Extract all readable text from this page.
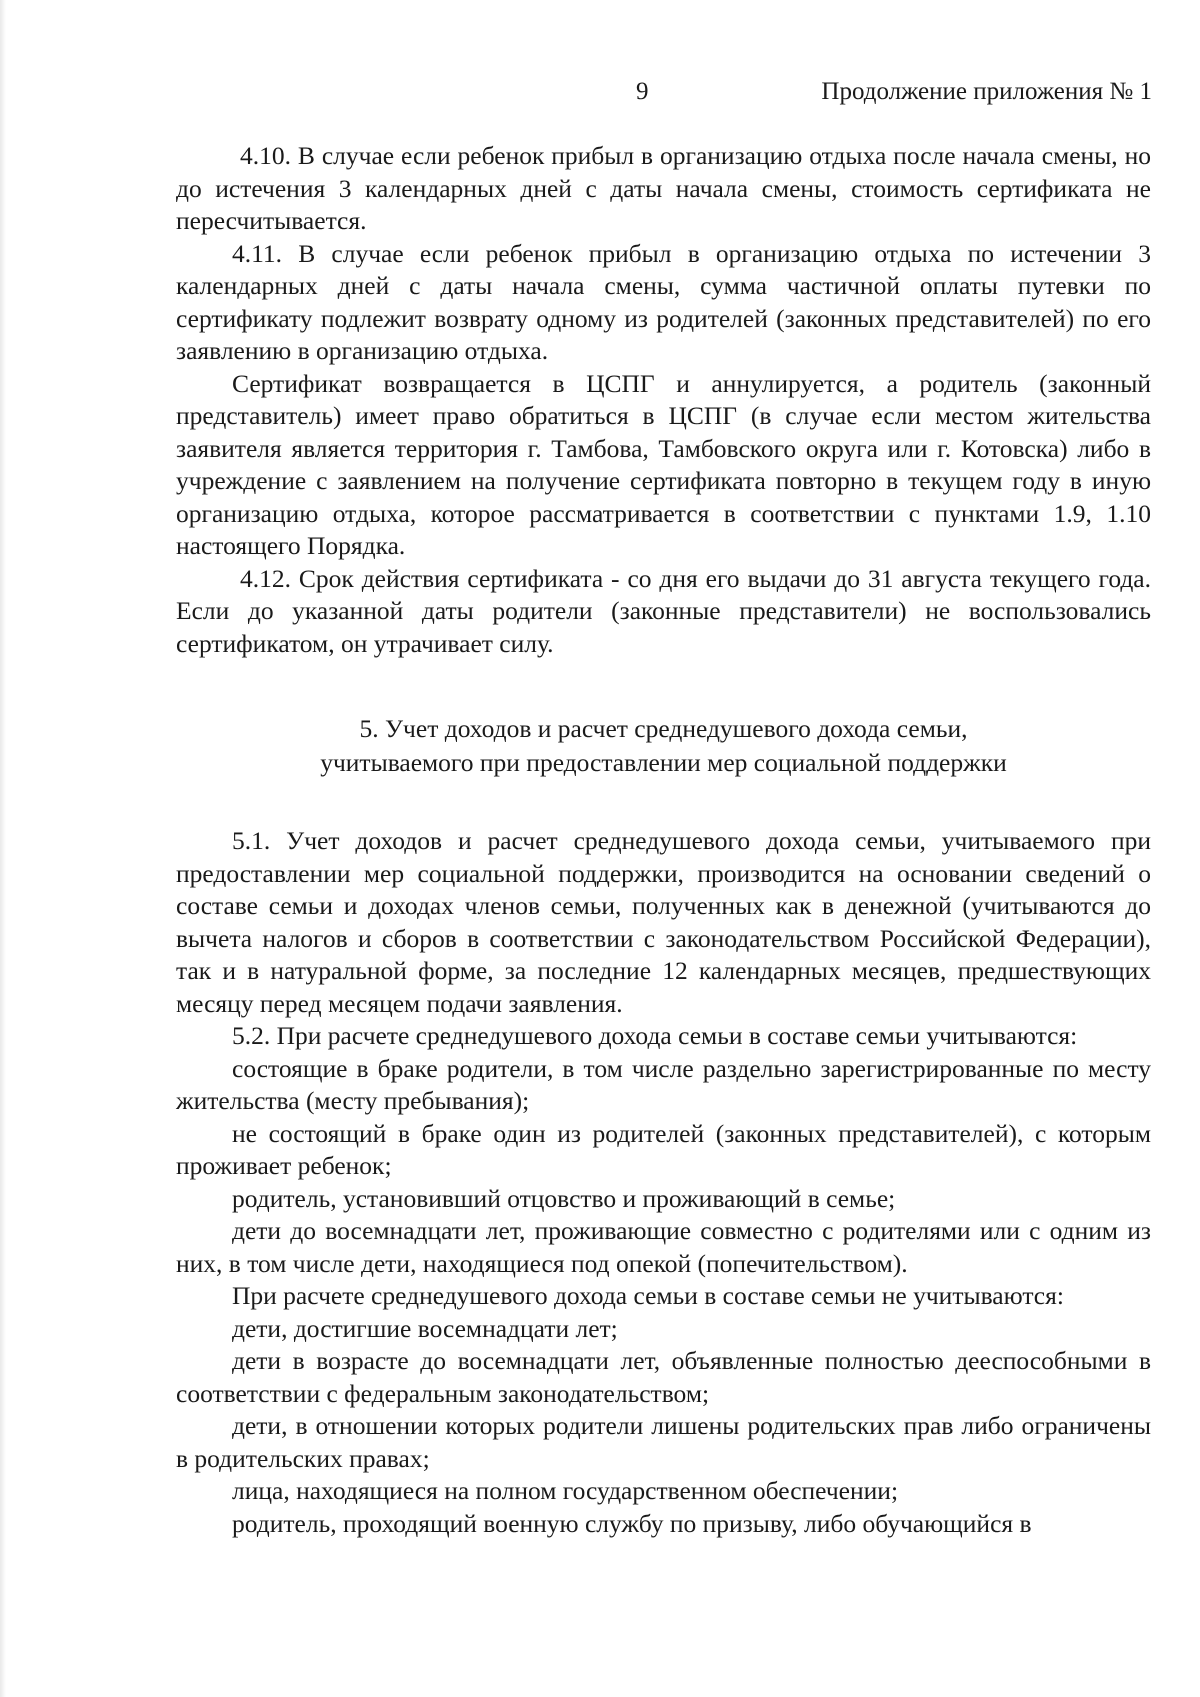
9	Продолжение приложения № 1

4.10. В случае если ребенок прибыл в организацию отдыха после начала смены, но до истечения 3 календарных дней с даты начала смены, стоимость сертификата не пересчитывается.

4.11. В случае если ребенок прибыл в организацию отдыха по истечении 3 календарных дней с даты начала смены, сумма частичной оплаты путевки по сертификату подлежит возврату одному из родителей (законных представителей) по его заявлению в организацию отдыха.

Сертификат возвращается в ЦСПГ и аннулируется, а родитель (законный представитель) имеет право обратиться в ЦСПГ (в случае если местом жительства заявителя является территория г. Тамбова, Тамбовского округа или г. Котовска) либо в учреждение с заявлением на получение сертификата повторно в текущем году в иную организацию отдыха, которое рассматривается в соответствии с пунктами 1.9, 1.10 настоящего Порядка.

4.12. Срок действия сертификата - со дня его выдачи до 31 августа текущего года. Если до указанной даты родители (законные представители) не воспользовались сертификатом, он утрачивает силу.

5. Учет доходов и расчет среднедушевого дохода семьи,
учитываемого при предоставлении мер социальной поддержки

5.1. Учет доходов и расчет среднедушевого дохода семьи, учитываемого при предоставлении мер социальной поддержки, производится на основании сведений о составе семьи и доходах членов семьи, полученных как в денежной (учитываются до вычета налогов и сборов в соответствии с законодательством Российской Федерации), так и в натуральной форме, за последние 12 календарных месяцев, предшествующих месяцу перед месяцем подачи заявления.

5.2. При расчете среднедушевого дохода семьи в составе семьи учитываются:

состоящие в браке родители, в том числе раздельно зарегистрированные по месту жительства (месту пребывания);

не состоящий в браке один из родителей (законных представителей), с которым проживает ребенок;

родитель, установивший отцовство и проживающий в семье;

дети до восемнадцати лет, проживающие совместно с родителями или с одним из них, в том числе дети, находящиеся под опекой (попечительством).

При расчете среднедушевого дохода семьи в составе семьи не учитываются:

дети, достигшие восемнадцати лет;

дети в возрасте до восемнадцати лет, объявленные полностью дееспособными в соответствии с федеральным законодательством;

дети, в отношении которых родители лишены родительских прав либо ограничены в родительских правах;

лица, находящиеся на полном государственном обеспечении;

родитель, проходящий военную службу по призыву, либо обучающийся в
